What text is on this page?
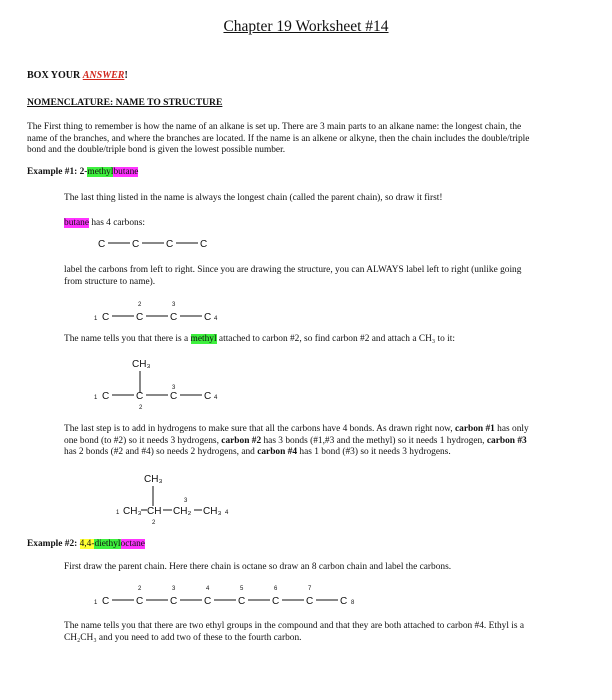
Chapter 19 Worksheet #14
BOX YOUR ANSWER!
NOMENCLATURE: NAME TO STRUCTURE
The First thing to remember is how the name of an alkane is set up. There are 3 main parts to an alkane name: the longest chain, the
name of the branches, and where the branches are located. If the name is an alkene or alkyne, then the chain includes the double/triple
bond and the double/triple bond is given the lowest possible number.
Example #1: 2-methylbutane
The last thing listed in the name is always the longest chain (called the parent chain), so draw it first!
butane has 4 carbons:
C	C	C	C
label the carbons from left to right. Since you are drawing the structure, you can ALWAYS label left to right (unlike going
from structure to name).
1 C
2
C
3
C	C 4
The name tells you that there is a methyl attached to carbon #2, so find carbon #2 and attach a CH₃ to it:
CH₃
3
1 C	C	C	C 4
2
The last step is to add in hydrogens to make sure that all the carbons have 4 bonds. As drawn right now, carbon #1 has only
one bond (to #2) so it needs 3 hydrogens, carbon #2 has 3 bonds (#1,#3 and the methyl) so it needs 1 hydrogen, carbon #3
has 2 bonds (#2 and #4) so needs 2 hydrogens, and carbon #4 has 1 bond (#3) so it needs 3 hydrogens.
CH₃
3
1 CH₃ CH CH₂ CH₃ 4
2
Example #2: 4,4-diethyloctane
First draw the parent chain. Here there chain is octane so draw an 8 carbon chain and label the carbons.
1 C
2
C
3
C
4
C
5
C
6
C
7
C	C 8
The name tells you that there are two ethyl groups in the compound and that they are both attached to carbon #4. Ethyl is a
CH₂CH₃ and you need to add two of these to the fourth carbon.
